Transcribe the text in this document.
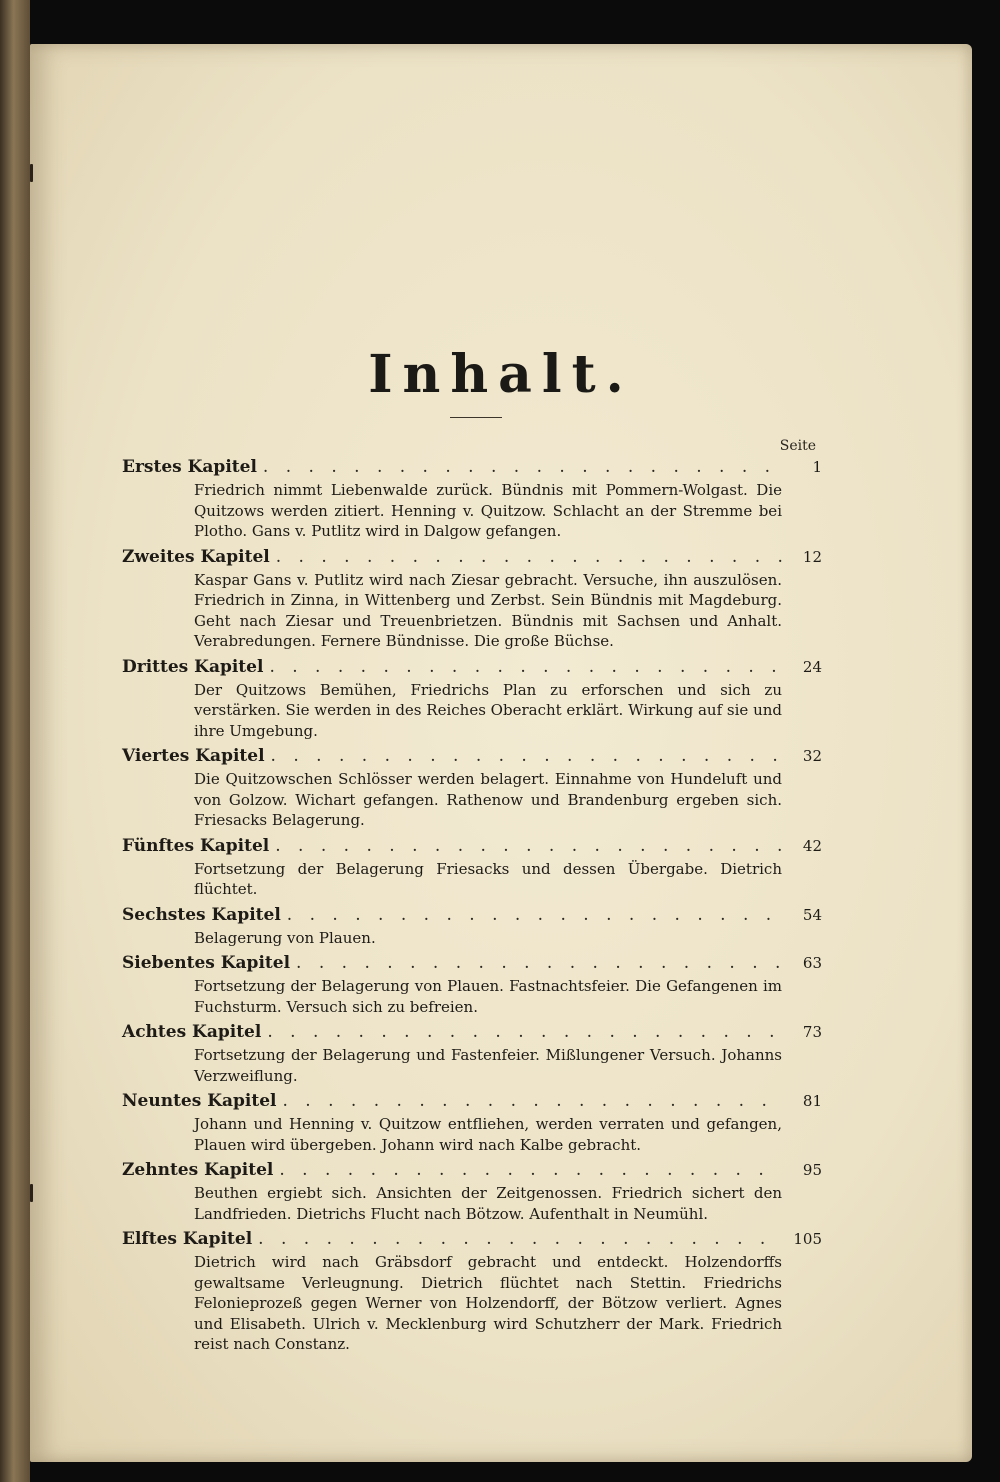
Inhalt.
Seite
Erstes Kapitel . . .	1
Friedrich nimmt Liebenwalde zurück. Bündnis mit Pommern-Wolgast. Die Quitzows werden zitiert. Henning v. Quitzow. Schlacht an der Stremme bei Plotho. Gans v. Putlitz wird in Dalgow gefangen.
Zweites Kapitel . . .	12
Kaspar Gans v. Putlitz wird nach Ziesar gebracht. Versuche, ihn auszulösen. Friedrich in Zinna, in Wittenberg und Zerbst. Sein Bündnis mit Magdeburg. Geht nach Ziesar und Treuenbrietzen. Bündnis mit Sachsen und Anhalt. Verabredungen. Fernere Bündnisse. Die große Büchse.
Drittes Kapitel . . .	24
Der Quitzows Bemühen, Friedrichs Plan zu erforschen und sich zu verstärken. Sie werden in des Reiches Oberacht erklärt. Wirkung auf sie und ihre Umgebung.
Viertes Kapitel . . .	32
Die Quitzowschen Schlösser werden belagert. Einnahme von Hundeluft und von Golzow. Wichart gefangen. Rathenow und Brandenburg ergeben sich. Friesacks Belagerung.
Fünftes Kapitel . . .	42
Fortsetzung der Belagerung Friesacks und dessen Übergabe. Dietrich flüchtet.
Sechstes Kapitel . . .	54
Belagerung von Plauen.
Siebentes Kapitel . . .	63
Fortsetzung der Belagerung von Plauen. Fastnachtsfeier. Die Gefangenen im Fuchsturm. Versuch sich zu befreien.
Achtes Kapitel . . .	73
Fortsetzung der Belagerung und Fastenfeier. Mißlungener Versuch. Johanns Verzweiflung.
Neuntes Kapitel . . .	81
Johann und Henning v. Quitzow entfliehen, werden verraten und gefangen, Plauen wird übergeben. Johann wird nach Kalbe gebracht.
Zehntes Kapitel . . .	95
Beuthen ergiebt sich. Ansichten der Zeitgenossen. Friedrich sichert den Landfrieden. Dietrichs Flucht nach Bötzow. Aufenthalt in Neumühl.
Elftes Kapitel . . .	105
Dietrich wird nach Gräbsdorf gebracht und entdeckt. Holzendorffs gewaltsame Verleugnung. Dietrich flüchtet nach Stettin. Friedrichs Felonieprozeß gegen Werner von Holzendorff, der Bötzow verliert. Agnes und Elisabeth. Ulrich v. Mecklenburg wird Schutzherr der Mark. Friedrich reist nach Constanz.
